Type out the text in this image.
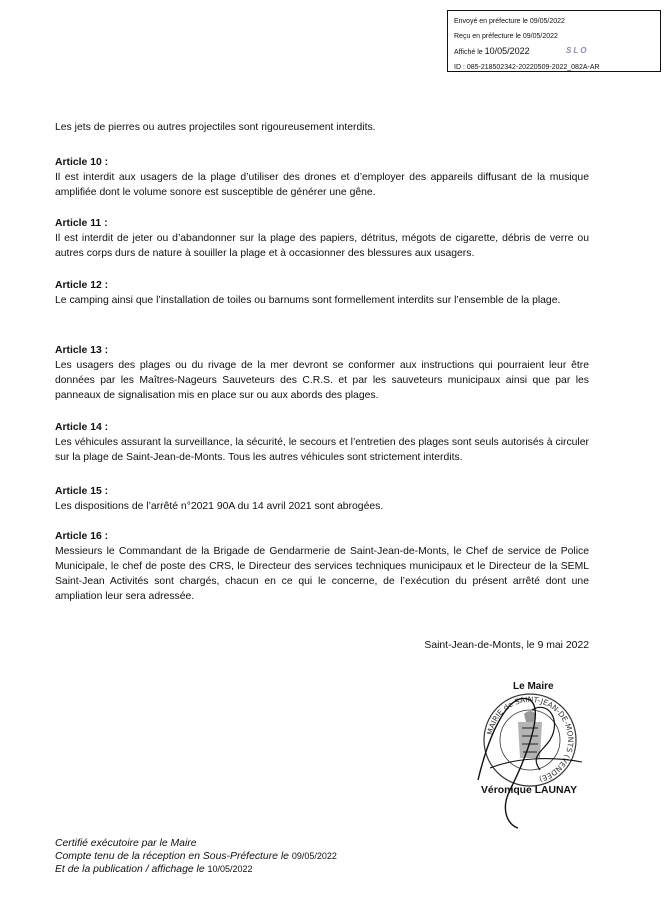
Envoyé en préfecture le 09/05/2022
Reçu en préfecture le 09/05/2022
Affiché le 10/05/2022	SLO
ID : 085-218502342-20220509-2022_082A-AR

Les jets de pierres ou autres projectiles sont rigoureusement interdits.

Article 10 :

Il est interdit aux usagers de la plage d’utiliser des drones et d’employer des appareils diffusant de la musique amplifiée dont le volume sonore est susceptible de générer une gêne.

Article 11 :

Il est interdit de jeter ou d’abandonner sur la plage des papiers, détritus, mégots de cigarette, débris de verre ou autres corps durs de nature à souiller la plage et à occasionner des blessures aux usagers.

Article 12 :

Le camping ainsi que l’installation de toiles ou barnums sont formellement interdits sur l’ensemble de la plage.

Article 13 :

Les usagers des plages ou du rivage de la mer devront se conformer aux instructions qui pourraient leur être données par les Maîtres-Nageurs Sauveteurs des C.R.S. et par les sauveteurs municipaux ainsi que par les panneaux de signalisation mis en place sur ou aux abords des plages.

Article 14 :

Les véhicules assurant la surveillance, la sécurité, le secours et l’entretien des plages sont seuls autorisés à circuler sur la plage de Saint-Jean-de-Monts. Tous les autres véhicules sont strictement interdits.

Article 15 :

Les dispositions de l’arrêté n°2021 90A du 14 avril 2021 sont abrogées.

Article 16 :

Messieurs le Commandant de la Brigade de Gendarmerie de Saint-Jean-de-Monts, le Chef de service de Police Municipale, le chef de poste des CRS, le Directeur des services techniques municipaux et le Directeur de la SEML Saint-Jean Activités sont chargés, chacun en ce qui le concerne, de l’exécution du présent arrêté dont une ampliation leur sera adressée.

Saint-Jean-de-Monts, le 9 mai 2022
MAIRIE de SAINT-JEAN-DE-MONTS (VENDÉE)
Le Maire
Véronique LAUNAY
Certifié exécutoire par le Maire
Compte tenu de la réception en Sous-Préfecture le 09/05/2022
Et de la publication / affichage le 10/05/2022
